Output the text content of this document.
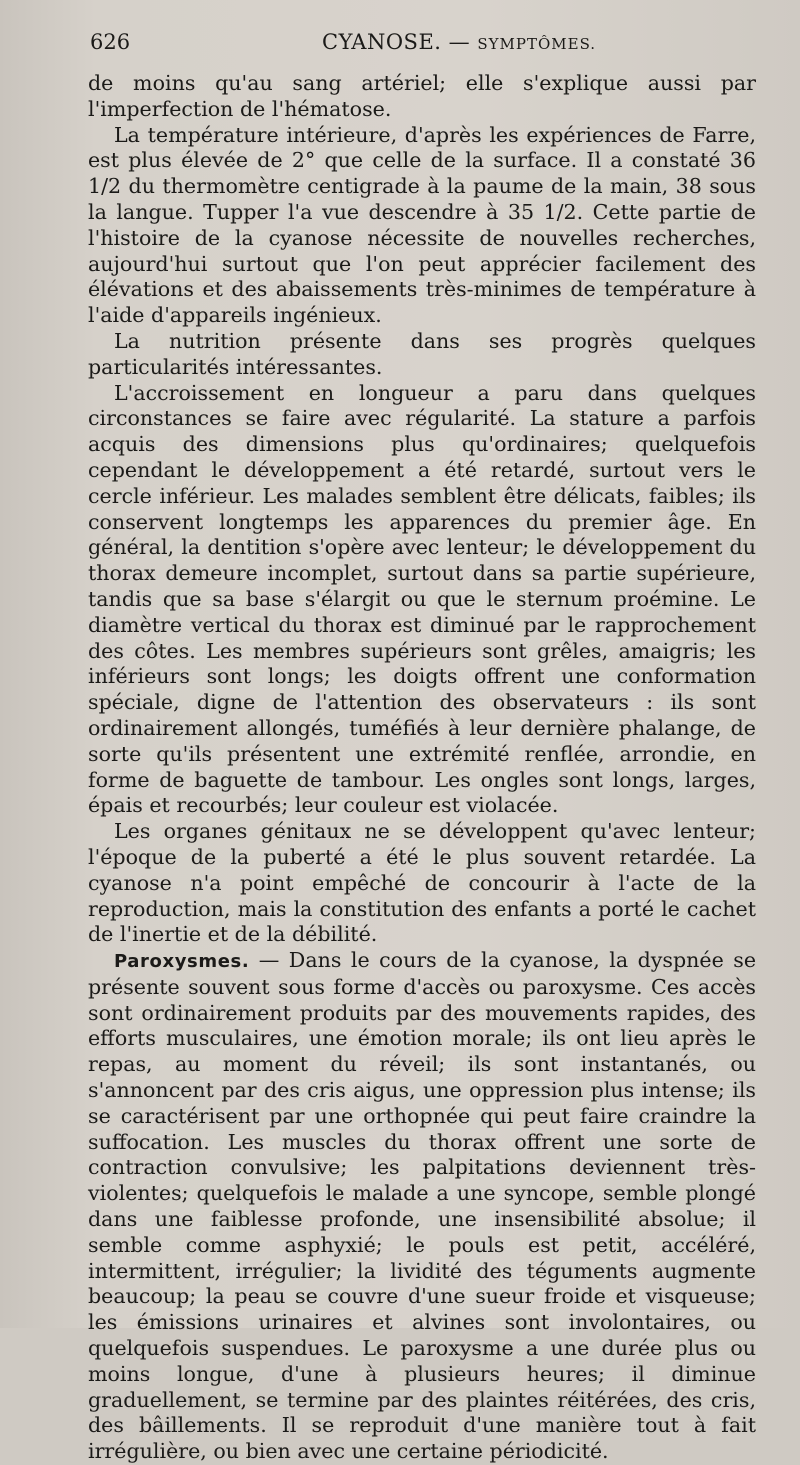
626	CYANOSE. — SYMPTÔMES.

de moins qu'au sang artériel; elle s'explique aussi par l'imperfection de l'hématose.

La température intérieure, d'après les expériences de Farre, est plus élevée de 2° que celle de la surface. Il a constaté 36 1/2 du thermomètre centigrade à la paume de la main, 38 sous la langue. Tupper l'a vue descendre à 35 1/2. Cette partie de l'histoire de la cyanose nécessite de nouvelles recherches, aujourd'hui surtout que l'on peut apprécier facilement des élévations et des abaissements très-minimes de température à l'aide d'appareils ingénieux.

La nutrition présente dans ses progrès quelques particularités intéressantes.

L'accroissement en longueur a paru dans quelques circonstances se faire avec régularité. La stature a parfois acquis des dimensions plus qu'ordinaires; quelquefois cependant le développement a été retardé, surtout vers le cercle inférieur. Les malades semblent être délicats, faibles; ils conservent longtemps les apparences du premier âge. En général, la dentition s'opère avec lenteur; le développement du thorax demeure incomplet, surtout dans sa partie supérieure, tandis que sa base s'élargit ou que le sternum proémine. Le diamètre vertical du thorax est diminué par le rapprochement des côtes. Les membres supérieurs sont grêles, amaigris; les inférieurs sont longs; les doigts offrent une conformation spéciale, digne de l'attention des observateurs : ils sont ordinairement allongés, tuméfiés à leur dernière phalange, de sorte qu'ils présentent une extrémité renflée, arrondie, en forme de baguette de tambour. Les ongles sont longs, larges, épais et recourbés; leur couleur est violacée.

Les organes génitaux ne se développent qu'avec lenteur; l'époque de la puberté a été le plus souvent retardée. La cyanose n'a point empêché de concourir à l'acte de la reproduction, mais la constitution des enfants a porté le cachet de l'inertie et de la débilité.

Paroxysmes. — Dans le cours de la cyanose, la dyspnée se présente souvent sous forme d'accès ou paroxysme. Ces accès sont ordinairement produits par des mouvements rapides, des efforts musculaires, une émotion morale; ils ont lieu après le repas, au moment du réveil; ils sont instantanés, ou s'annoncent par des cris aigus, une oppression plus intense; ils se caractérisent par une orthopnée qui peut faire craindre la suffocation. Les muscles du thorax offrent une sorte de contraction convulsive; les palpitations deviennent très-violentes; quelquefois le malade a une syncope, semble plongé dans une faiblesse profonde, une insensibilité absolue; il semble comme asphyxié; le pouls est petit, accéléré, intermittent, irrégulier; la lividité des téguments augmente beaucoup; la peau se couvre d'une sueur froide et visqueuse; les émissions urinaires et alvines sont involontaires, ou quelquefois suspendues. Le paroxysme a une durée plus ou moins longue, d'une à plusieurs heures; il diminue graduellement, se termine par des plaintes réitérées, des cris, des bâillements. Il se reproduit d'une manière tout à fait irrégulière, ou bien avec une certaine périodicité.
